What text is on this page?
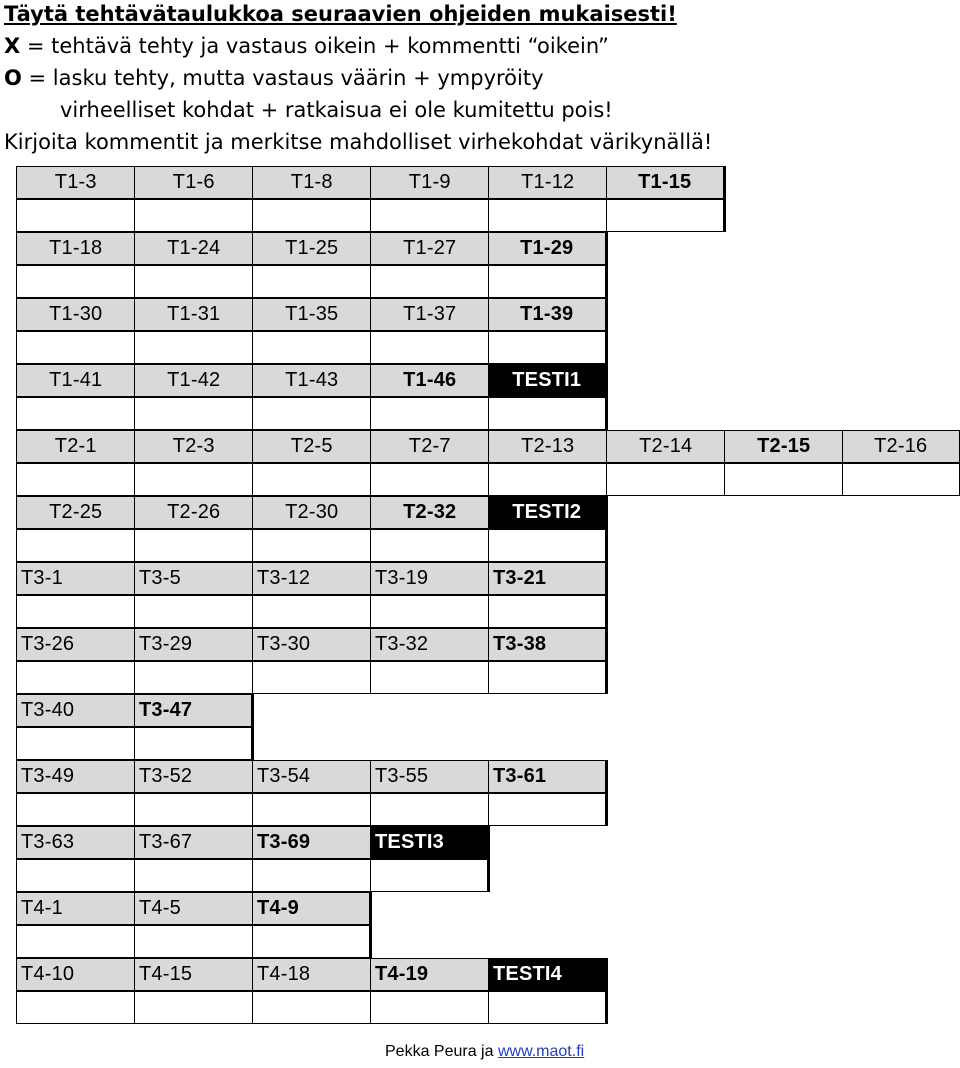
Täytä tehtävätaulukkoa seuraavien ohjeiden mukaisesti!
X = tehtävä tehty ja vastaus oikein + kommentti “oikein”
O = lasku tehty, mutta vastaus väärin + ympyröity
virheelliset kohdat + ratkaisua ei ole kumitettu pois!
Kirjoita kommentit ja merkitse mahdolliset virhekohdat värikynällä!
T1-3	T1-6	T1-8	T1-9	T1-12	T1-15
T1-18	T1-24	T1-25	T1-27	T1-29
T1-30	T1-31	T1-35	T1-37	T1-39
T1-41	T1-42	T1-43	T1-46	TESTI1
T2-1	T2-3	T2-5	T2-7	T2-13	T2-14	T2-15	T2-16
T2-25	T2-26	T2-30	T2-32	TESTI2
T3-1	T3-5	T3-12	T3-19	T3-21
T3-26	T3-29	T3-30	T3-32	T3-38
T3-40	T3-47
T3-49	T3-52	T3-54	T3-55	T3-61
T3-63	T3-67	T3-69	TESTI3
T4-1	T4-5	T4-9
T4-10	T4-15	T4-18	T4-19	TESTI4
Pekka Peura ja www.maot.fi
